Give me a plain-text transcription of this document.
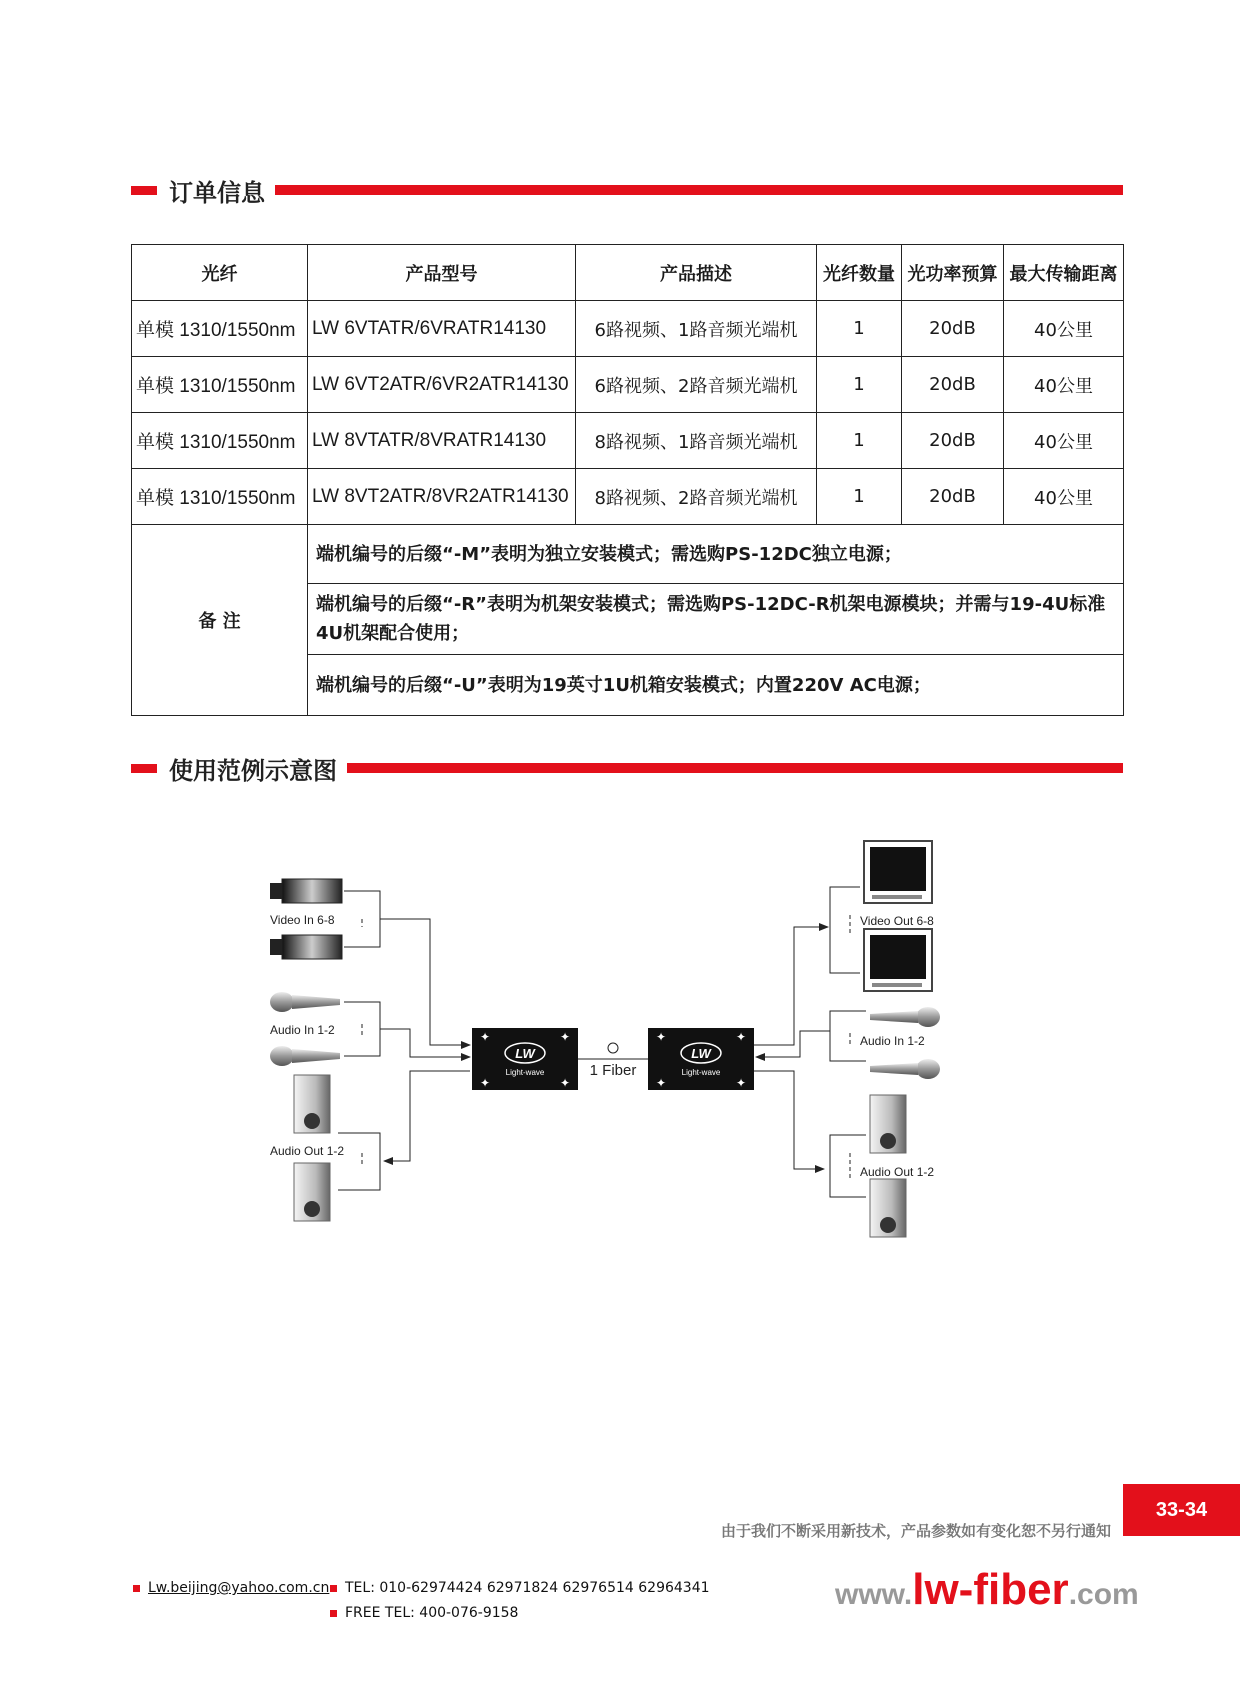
订单信息
光纤	产品型号	产品描述	光纤数量	光功率预算	最大传输距离
单模 1310/1550nm	LW 6VTATR/6VRATR14130	6路视频、1路音频光端机	1	20dB	40公里
单模 1310/1550nm	LW 6VT2ATR/6VR2ATR14130	6路视频、2路音频光端机	1	20dB	40公里
单模 1310/1550nm	LW 8VTATR/8VRATR14130	8路视频、1路音频光端机	1	20dB	40公里
单模 1310/1550nm	LW 8VT2ATR/8VR2ATR14130	8路视频、2路音频光端机	1	20dB	40公里
备 注	端机编号的后缀“-M”表明为独立安装模式；需选购PS-12DC独立电源；				
	端机编号的后缀“-R”表明为机架安装模式；需选购PS-12DC-R机架电源模块；并需与19-4U标准4U机架配合使用；				
	端机编号的后缀“-U”表明为19英寸1U机箱安装模式；内置220V AC电源；				
使用范例示意图
Video In 6-8
Audio In 1-2
Audio Out 1-2
✦	✦
✦	✦
LW
Light-wave	1 Fiber
✦	✦
✦	✦
LW
Light-wave
Video Out 6-8
Audio In 1-2
Audio Out 1-2
33-34
由于我们不断采用新技术，产品参数如有变化恕不另行通知
Lw.beijing@yahoo.com.cn TEL: 010-62974424 62971824 62976514 62964341
FREE TEL: 400-076-9158
www.lw-fiber.com
